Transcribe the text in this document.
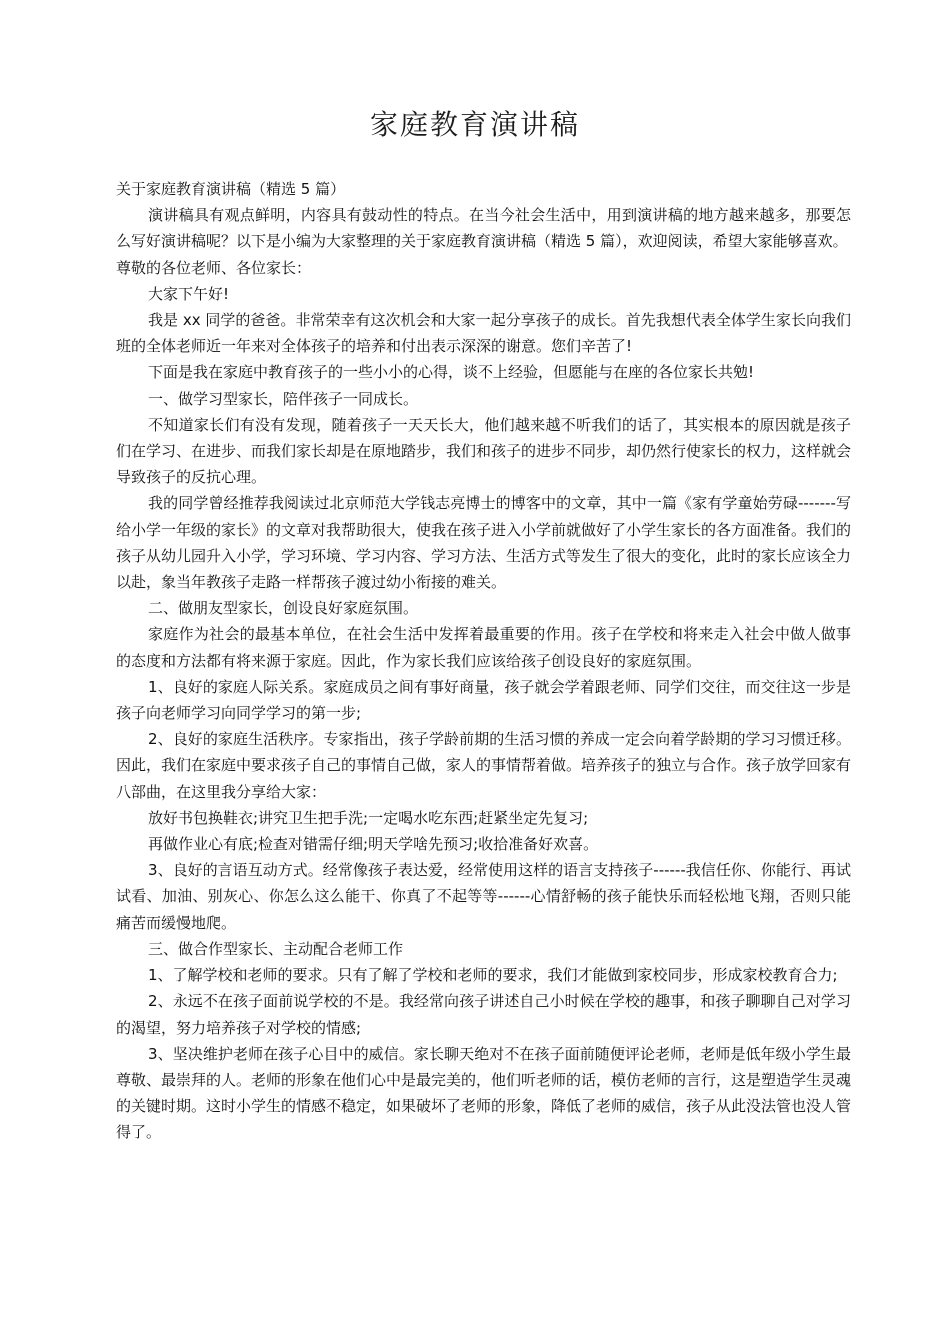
家庭教育演讲稿

关于家庭教育演讲稿（精选 5 篇）

演讲稿具有观点鲜明，内容具有鼓动性的特点。在当今社会生活中，用到演讲稿的地方越来越多，那要怎么写好演讲稿呢？以下是小编为大家整理的关于家庭教育演讲稿（精选 5 篇），欢迎阅读，希望大家能够喜欢。

尊敬的各位老师、各位家长：

大家下午好!

我是 xx 同学的爸爸。非常荣幸有这次机会和大家一起分享孩子的成长。首先我想代表全体学生家长向我们班的全体老师近一年来对全体孩子的培养和付出表示深深的谢意。您们辛苦了!

下面是我在家庭中教育孩子的一些小小的心得，谈不上经验，但愿能与在座的各位家长共勉!

一、做学习型家长，陪伴孩子一同成长。

不知道家长们有没有发现，随着孩子一天天长大，他们越来越不听我们的话了，其实根本的原因就是孩子们在学习、在进步、而我们家长却是在原地踏步，我们和孩子的进步不同步，却仍然行使家长的权力，这样就会导致孩子的反抗心理。

我的同学曾经推荐我阅读过北京师范大学钱志亮博士的博客中的文章，其中一篇《家有学童始劳碌-------写给小学一年级的家长》的文章对我帮助很大，使我在孩子进入小学前就做好了小学生家长的各方面准备。我们的孩子从幼儿园升入小学，学习环境、学习内容、学习方法、生活方式等发生了很大的变化，此时的家长应该全力以赴，象当年教孩子走路一样帮孩子渡过幼小衔接的难关。

二、做朋友型家长，创设良好家庭氛围。

家庭作为社会的最基本单位，在社会生活中发挥着最重要的作用。孩子在学校和将来走入社会中做人做事的态度和方法都有将来源于家庭。因此，作为家长我们应该给孩子创设良好的家庭氛围。

1、良好的家庭人际关系。家庭成员之间有事好商量，孩子就会学着跟老师、同学们交往，而交往这一步是孩子向老师学习向同学学习的第一步;

2、良好的家庭生活秩序。专家指出，孩子学龄前期的生活习惯的养成一定会向着学龄期的学习习惯迁移。因此，我们在家庭中要求孩子自己的事情自己做，家人的事情帮着做。培养孩子的独立与合作。孩子放学回家有八部曲，在这里我分享给大家：

放好书包换鞋衣;讲究卫生把手洗;一定喝水吃东西;赶紧坐定先复习;

再做作业心有底;检查对错需仔细;明天学啥先预习;收拾准备好欢喜。

3、良好的言语互动方式。经常像孩子表达爱，经常使用这样的语言支持孩子------我信任你、你能行、再试试看、加油、别灰心、你怎么这么能干、你真了不起等等------心情舒畅的孩子能快乐而轻松地飞翔，否则只能痛苦而缓慢地爬。

三、做合作型家长、主动配合老师工作

1、了解学校和老师的要求。只有了解了学校和老师的要求，我们才能做到家校同步，形成家校教育合力;

2、永远不在孩子面前说学校的不是。我经常向孩子讲述自己小时候在学校的趣事，和孩子聊聊自己对学习的渴望，努力培养孩子对学校的情感;

3、坚决维护老师在孩子心目中的威信。家长聊天绝对不在孩子面前随便评论老师，老师是低年级小学生最尊敬、最崇拜的人。老师的形象在他们心中是最完美的，他们听老师的话，模仿老师的言行，这是塑造学生灵魂的关键时期。这时小学生的情感不稳定，如果破坏了老师的形象，降低了老师的威信，孩子从此没法管也没人管得了。
